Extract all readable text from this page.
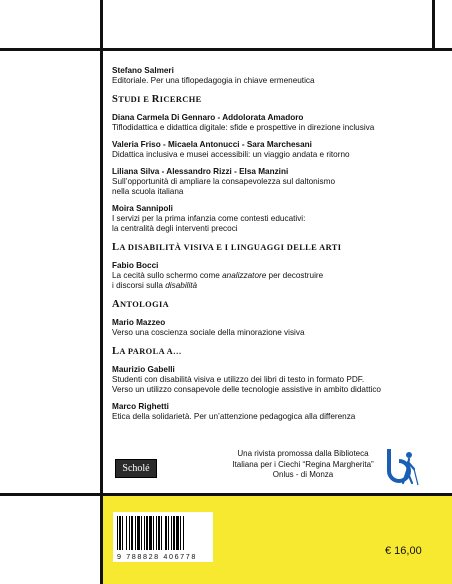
Stefano Salmeri
Editoriale. Per una tiflopedagogia in chiave ermeneutica
STUDI E RICERCHE
Diana Carmela Di Gennaro - Addolorata Amadoro
Tiflodidattica e didattica digitale: sfide e prospettive in direzione inclusiva
Valeria Friso - Micaela Antonucci - Sara Marchesani
Didattica inclusiva e musei accessibili: un viaggio andata e ritorno
Liliana Silva - Alessandro Rizzi - Elsa Manzini
Sull’opportunità di ampliare la consapevolezza sul daltonismo
nella scuola italiana
Moira Sannipoli
I servizi per la prima infanzia come contesti educativi:
la centralità degli interventi precoci
LA DISABILITÀ VISIVA E I LINGUAGGI DELLE ARTI
Fabio Bocci
La cecità sullo schermo come analizzatore per decostruire
i discorsi sulla disabilità
ANTOLOGIA
Mario Mazzeo
Verso una coscienza sociale della minorazione visiva
LA PAROLA A…
Maurizio Gabelli
Studenti con disabilità visiva e utilizzo dei libri di testo in formato PDF.
Verso un utilizzo consapevole delle tecnologie assistive in ambito didattico
Marco Righetti
Etica della solidarietà. Per un’attenzione pedagogica alla differenza
Scholé
Una rivista promossa dalla Biblioteca
Italiana per i Ciechi “Regina Margherita”
Onlus - di Monza
9 788828 406778	€ 16,00
